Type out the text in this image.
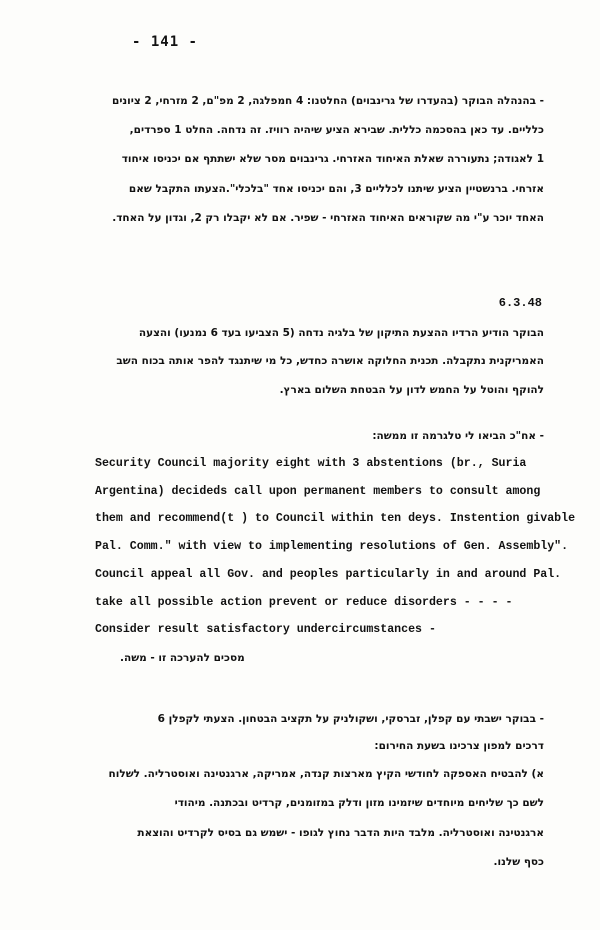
- 141 -
- בהנהלה הבוקר (בהעדרו של גרינבוים) החלטנו: 4 חמפלגה, 2 מפ"ם, 2 מזרחי, 2 ציונים
כלליים. עד כאן בהסכמה כללית. שבירא הציע שיהיה רוויז. זה נדחה. החלט 1 ספרדים,
1 לאגודה; נתעוררה שאלת האיחוד האזרחי. גרינבוים מסר שלא ישתתף אם יכניסו איחוד
אזרחי. ברנשטיין הציע שיתנו לכלליים 3, והם יכניסו אחד "בלכלי".הצעתו התקבל שאם
האחד יוכר ע"י מה שקוראים האיחוד האזרחי - שפיר. אם לא יקבלו רק 2, וגדון על האחד.
6.3.48
הבוקר הודיע הרדיו ההצעת התיקון של בלגיה נדחה (5 הצביעו בעד 6 נמנעו) והצעה
האמריקנית נתקבלה. תכנית החלוקה אושרה כחדש, כל מי שיתנגד להפר אותה בכוח השב
להוקף והוטל על החמש לדון על הבטחת השלום בארץ.
- אח"כ הביאו לי טלגרמה זו ממשה:
Security Council majority eight with 3 abstentions (br., Suria
Argentina) decideds call upon permanent members to consult among
them and recommend(t ) to Council within ten deys. Instention givable
Pal. Comm." with view to implementing resolutions of Gen. Assembly".
Council appeal all Gov. and peoples particularly in and around Pal.
take all possible action prevent or reduce disorders - - - -
Consider result satisfactory undercircumstances -
מסכים להערכה זו - משה.
- בבוקר ישבתי עם קפלן, זברסקי, ושקולניק על תקציב הבטחון. הצעתי לקפלן 6
דרכים למפון צרכינו בשעת החירום:
א) להבטיח האספקה לחודשי הקיץ מארצות קנדה, אמריקה, ארגנטינה ואוסטרליה. לשלוח
לשם כך שליחים מיוחדים שיזמינו מזון ודלק במזומנים, קרדיט ובכתנה. מיהודי
ארגנטינה ואוסטרליה. מלבד היות הדבר נחוץ לגופו - ישמש גם בסיס לקרדיט והוצאת
כסף שלנו.
